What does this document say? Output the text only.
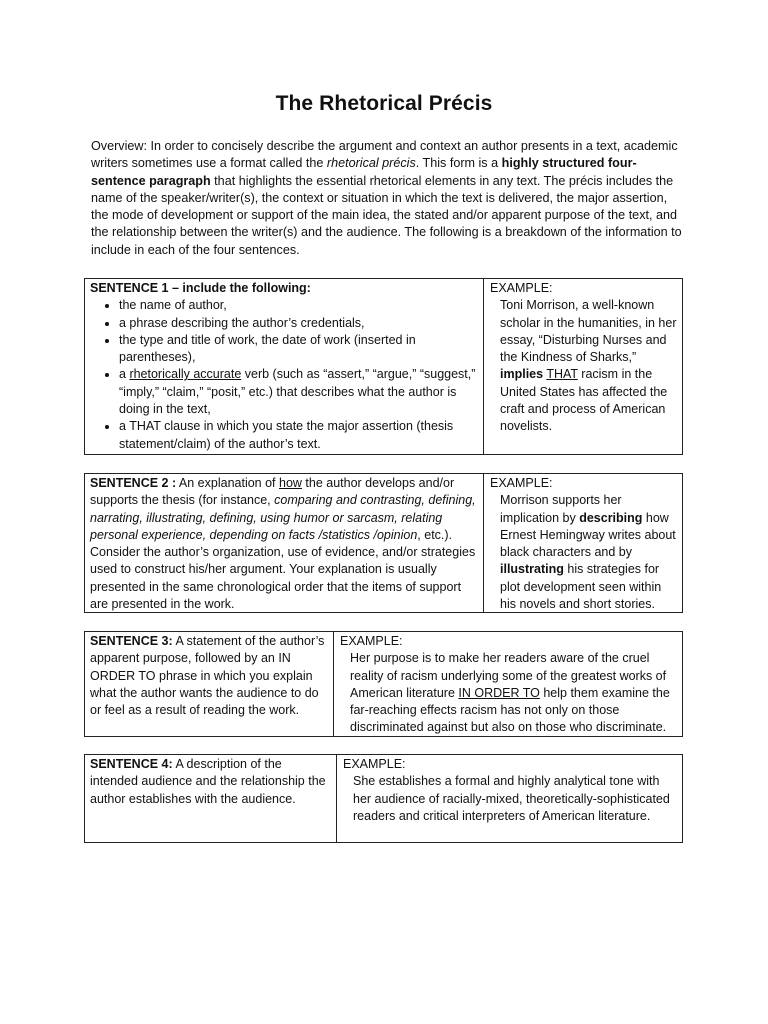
The Rhetorical Précis
Overview: In order to concisely describe the argument and context an author presents in a text, academic writers sometimes use a format called the rhetorical précis. This form is a highly structured four-sentence paragraph that highlights the essential rhetorical elements in any text. The précis includes the name of the speaker/writer(s), the context or situation in which the text is delivered, the major assertion, the mode of development or support of the main idea, the stated and/or apparent purpose of the text, and the relationship between the writer(s) and the audience. The following is a breakdown of the information to include in each of the four sentences.
SENTENCE 1 – include the following:
• the name of author,
• a phrase describing the author’s credentials,
• the type and title of work, the date of work (inserted in parentheses),
• a rhetorically accurate verb (such as “assert,” “argue,” “suggest,” “imply,” “claim,” “posit,” etc.) that describes what the author is doing in the text,
• a THAT clause in which you state the major assertion (thesis statement/claim) of the author’s text.
EXAMPLE:
Toni Morrison, a well-known scholar in the humanities, in her essay, “Disturbing Nurses and the Kindness of Sharks,” implies THAT racism in the United States has affected the craft and process of American novelists.
SENTENCE 2 : An explanation of how the author develops and/or supports the thesis (for instance, comparing and contrasting, defining, narrating, illustrating, defining, using humor or sarcasm, relating personal experience, depending on facts /statistics /opinion, etc.). Consider the author’s organization, use of evidence, and/or strategies used to construct his/her argument. Your explanation is usually presented in the same chronological order that the items of support are presented in the work.
EXAMPLE:
Morrison supports her implication by describing how Ernest Hemingway writes about black characters and by illustrating his strategies for plot development seen within his novels and short stories.
SENTENCE 3: A statement of the author’s apparent purpose, followed by an IN ORDER TO phrase in which you explain what the author wants the audience to do or feel as a result of reading the work.
EXAMPLE:
Her purpose is to make her readers aware of the cruel reality of racism underlying some of the greatest works of American literature IN ORDER TO help them examine the far-reaching effects racism has not only on those discriminated against but also on those who discriminate.
SENTENCE 4: A description of the intended audience and the relationship the author establishes with the audience.
EXAMPLE:
She establishes a formal and highly analytical tone with her audience of racially-mixed, theoretically-sophisticated readers and critical interpreters of American literature.
